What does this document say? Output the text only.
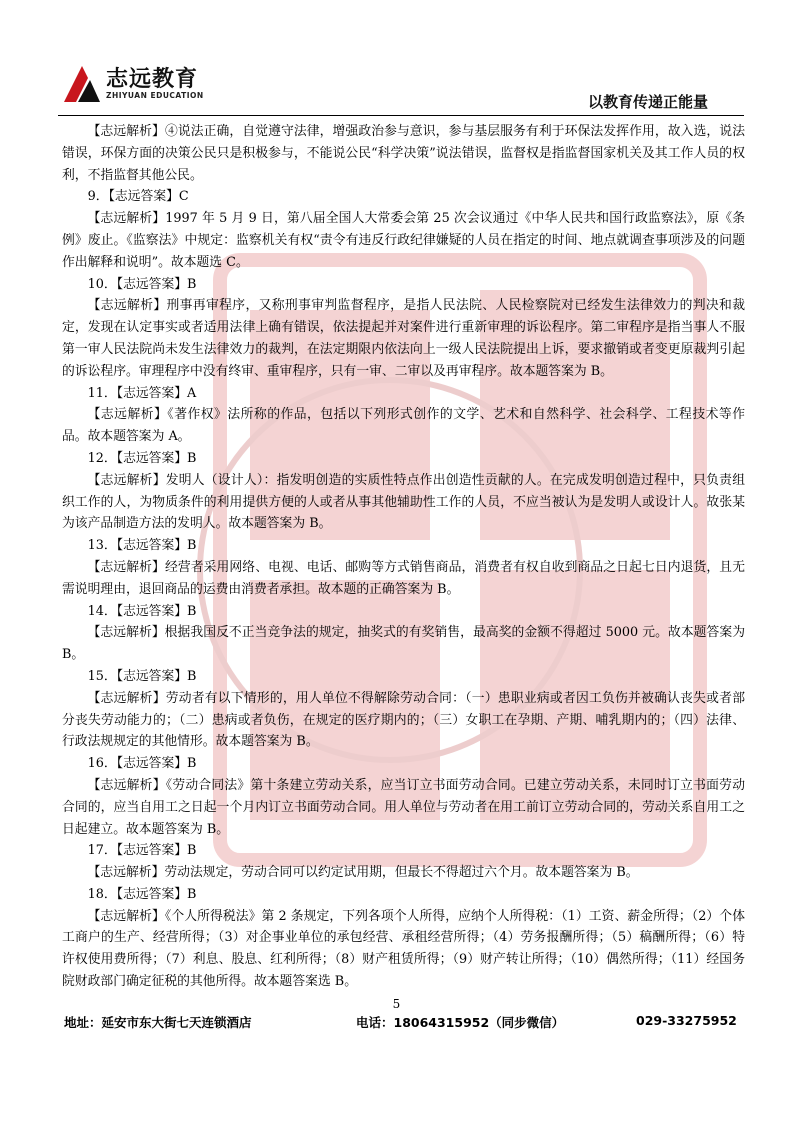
志远教育
ZHIYUAN EDUCATION	以教育传递正能量

【志远解析】④说法正确，自觉遵守法律，增强政治参与意识，参与基层服务有利于环保法发挥作用，故入选，说法错误，环保方面的决策公民只是积极参与，不能说公民“科学决策”说法错误，监督权是指监督国家机关及其工作人员的权利，不指监督其他公民。

9．【志远答案】C

【志远解析】1997 年 5 月 9 日，第八届全国人大常委会第 25 次会议通过《中华人民共和国行政监察法》，原《条例》废止。《监察法》中规定：监察机关有权“责令有违反行政纪律嫌疑的人员在指定的时间、地点就调查事项涉及的问题作出解释和说明”。故本题选 C。

10．【志远答案】B

【志远解析】刑事再审程序，又称刑事审判监督程序，是指人民法院、人民检察院对已经发生法律效力的判决和裁定，发现在认定事实或者适用法律上确有错误，依法提起并对案件进行重新审理的诉讼程序。第二审程序是指当事人不服第一审人民法院尚未发生法律效力的裁判，在法定期限内依法向上一级人民法院提出上诉，要求撤销或者变更原裁判引起的诉讼程序。审理程序中没有终审、重审程序，只有一审、二审以及再审程序。故本题答案为 B。

11．【志远答案】A

【志远解析】《著作权》法所称的作品，包括以下列形式创作的文学、艺术和自然科学、社会科学、工程技术等作品。故本题答案为 A。

12．【志远答案】B

【志远解析】发明人（设计人）：指发明创造的实质性特点作出创造性贡献的人。在完成发明创造过程中，只负责组织工作的人，为物质条件的利用提供方便的人或者从事其他辅助性工作的人员，不应当被认为是发明人或设计人。故张某为该产品制造方法的发明人。故本题答案为 B。

13．【志远答案】B

【志远解析】经营者采用网络、电视、电话、邮购等方式销售商品，消费者有权自收到商品之日起七日内退货，且无需说明理由，退回商品的运费由消费者承担。故本题的正确答案为 B。

14．【志远答案】B

【志远解析】根据我国反不正当竞争法的规定，抽奖式的有奖销售，最高奖的金额不得超过 5000 元。故本题答案为 B。

15．【志远答案】B

【志远解析】劳动者有以下情形的，用人单位不得解除劳动合同：（一）患职业病或者因工负伤并被确认丧失或者部分丧失劳动能力的；（二）患病或者负伤，在规定的医疗期内的；（三）女职工在孕期、产期、哺乳期内的；（四）法律、行政法规规定的其他情形。故本题答案为 B。

16．【志远答案】B

【志远解析】《劳动合同法》第十条建立劳动关系，应当订立书面劳动合同。已建立劳动关系，未同时订立书面劳动合同的，应当自用工之日起一个月内订立书面劳动合同。用人单位与劳动者在用工前订立劳动合同的，劳动关系自用工之日起建立。故本题答案为 B。

17．【志远答案】B

【志远解析】劳动法规定，劳动合同可以约定试用期，但最长不得超过六个月。故本题答案为 B。

18．【志远答案】B

【志远解析】《个人所得税法》第 2 条规定，下列各项个人所得，应纳个人所得税：（1）工资、薪金所得；（2）个体工商户的生产、经营所得；（3）对企事业单位的承包经营、承租经营所得；（4）劳务报酬所得；（5）稿酬所得；（6）特许权使用费所得；（7）利息、股息、红利所得；（8）财产租赁所得；（9）财产转让所得；（10）偶然所得；（11）经国务院财政部门确定征税的其他所得。故本题答案选 B。

5
地址：延安市东大街七天连锁酒店	电话：18064315952（同步微信）	029-33275952
